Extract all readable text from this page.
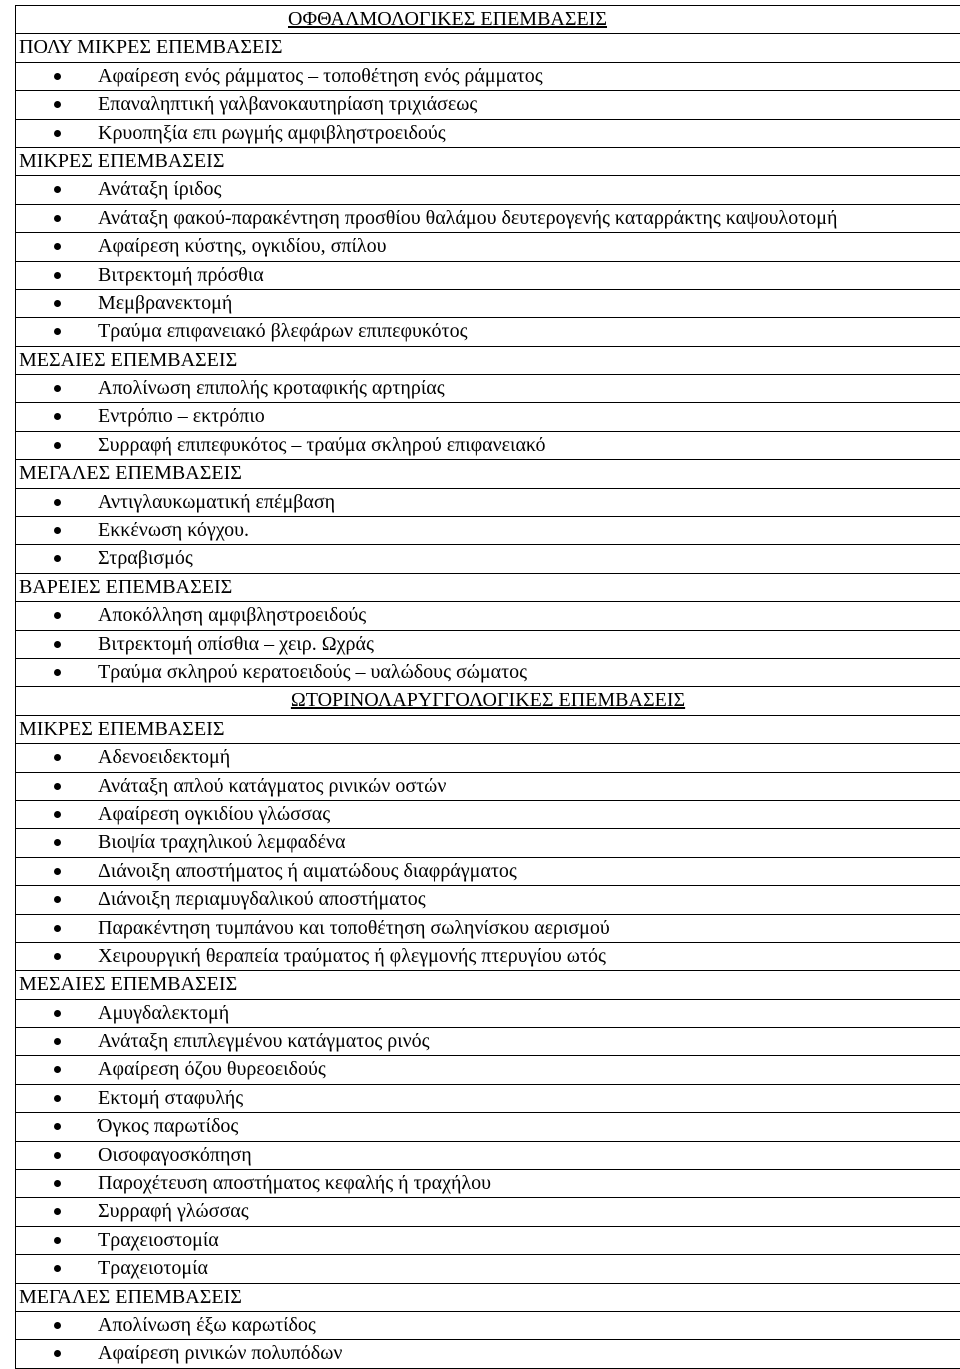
ΟΦΘΑΛΜΟΛΟΓΙΚΕΣ ΕΠΕΜΒΑΣΕΙΣ
ΠΟΛΥ ΜΙΚΡΕΣ ΕΠΕΜΒΑΣΕΙΣ
Αφαίρεση ενός ράμματος – τοποθέτηση ενός ράμματος
Επαναληπτική γαλβανοκαυτηρίαση τριχιάσεως
Κρυοπηξία επι ρωγμής αμφιβληστροειδούς
ΜΙΚΡΕΣ ΕΠΕΜΒΑΣΕΙΣ
Ανάταξη ίριδος
Ανάταξη φακού-παρακέντηση προσθίου θαλάμου δευτερογενής καταρράκτης καψουλοτομή
Αφαίρεση κύστης, ογκιδίου, σπίλου
Βιτρεκτομή πρόσθια
Μεμβρανεκτομή
Τραύμα επιφανειακό βλεφάρων επιπεφυκότος
ΜΕΣΑΙΕΣ ΕΠΕΜΒΑΣΕΙΣ
Απολίνωση επιπολής κροταφικής αρτηρίας
Εντρόπιο – εκτρόπιο
Συρραφή επιπεφυκότος – τραύμα σκληρού επιφανειακό
ΜΕΓΑΛΕΣ ΕΠΕΜΒΑΣΕΙΣ
Αντιγλαυκωματική επέμβαση
Εκκένωση κόγχου.
Στραβισμός
ΒΑΡΕΙΕΣ ΕΠΕΜΒΑΣΕΙΣ
Αποκόλληση αμφιβληστροειδούς
Βιτρεκτομή οπίσθια – χειρ. Ωχράς
Τραύμα σκληρού κερατοειδούς – υαλώδους σώματος
ΩΤΟΡΙΝΟΛΑΡΥΓΓΟΛΟΓΙΚΕΣ ΕΠΕΜΒΑΣΕΙΣ
ΜΙΚΡΕΣ ΕΠΕΜΒΑΣΕΙΣ
Αδενοειδεκτομή
Ανάταξη απλού κατάγματος ρινικών οστών
Αφαίρεση ογκιδίου γλώσσας
Βιοψία τραχηλικού λεμφαδένα
Διάνοιξη αποστήματος ή αιματώδους διαφράγματος
Διάνοιξη περιαμυγδαλικού αποστήματος
Παρακέντηση τυμπάνου και τοποθέτηση σωληνίσκου αερισμού
Χειρουργική θεραπεία τραύματος ή φλεγμονής πτερυγίου ωτός
ΜΕΣΑΙΕΣ ΕΠΕΜΒΑΣΕΙΣ
Αμυγδαλεκτομή
Ανάταξη επιπλεγμένου κατάγματος ρινός
Αφαίρεση όζου θυρεοειδούς
Εκτομή σταφυλής
Όγκος παρωτίδος
Οισοφαγοσκόπηση
Παροχέτευση αποστήματος κεφαλής ή τραχήλου
Συρραφή γλώσσας
Τραχειοστομία
Τραχειοτομία
ΜΕΓΑΛΕΣ ΕΠΕΜΒΑΣΕΙΣ
Απολίνωση έξω καρωτίδος
Αφαίρεση ρινικών πολυπόδων
